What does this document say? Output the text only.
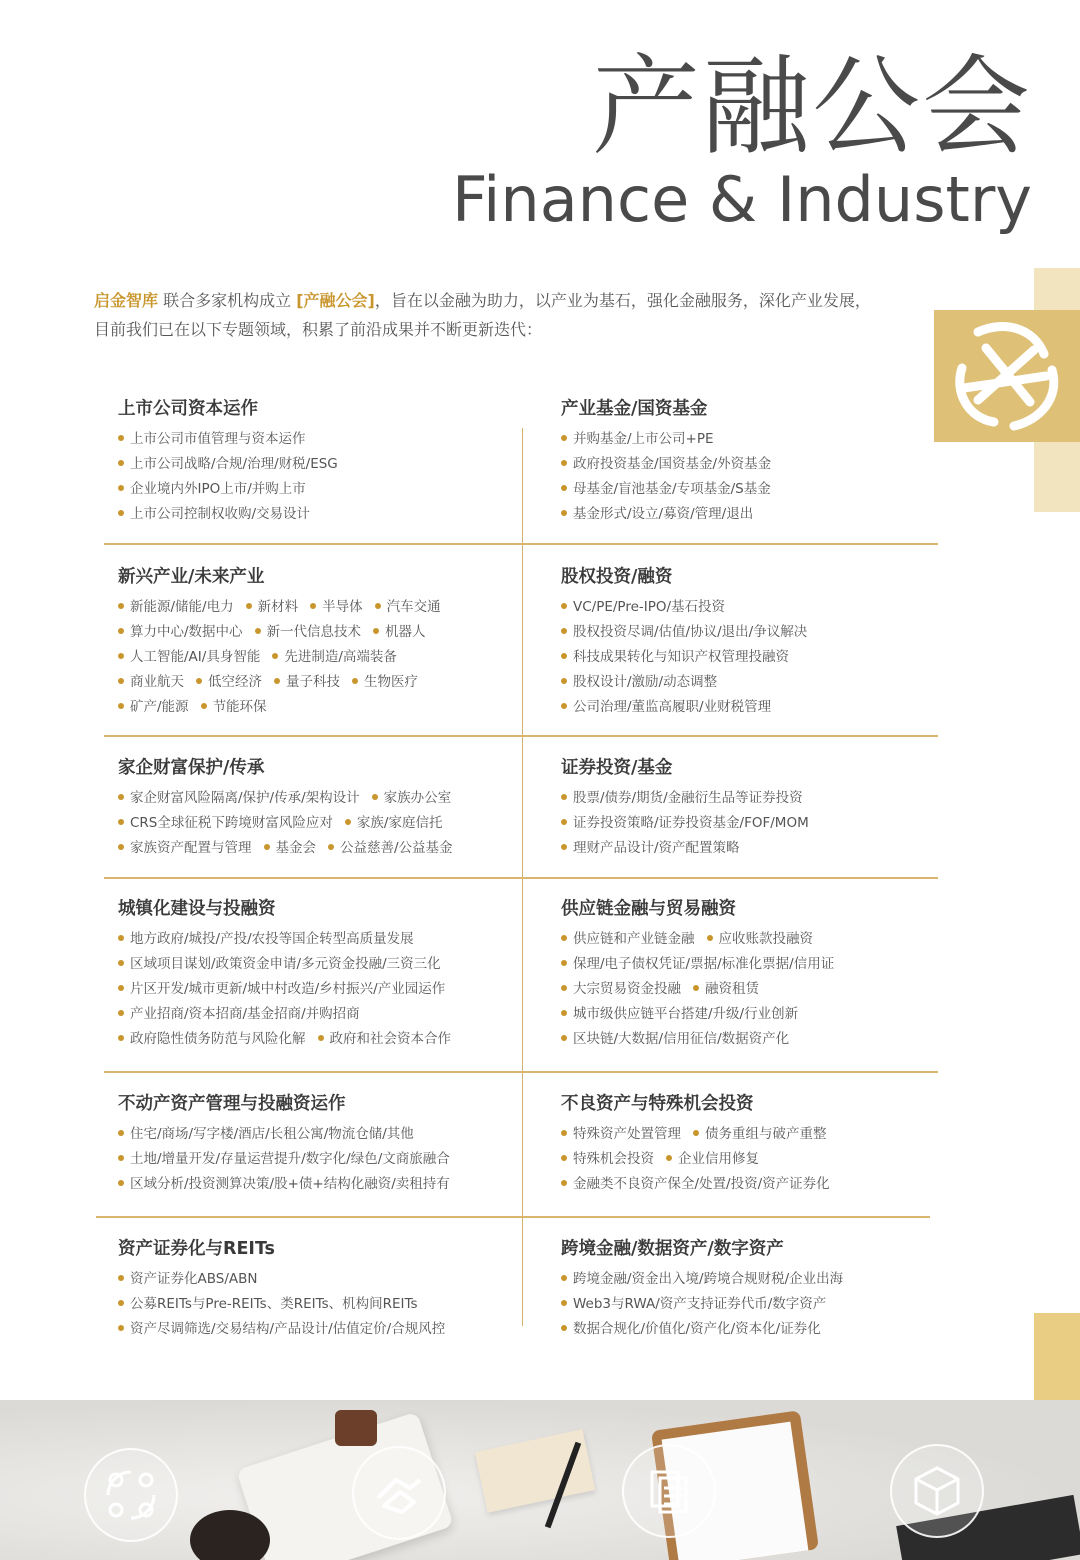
产融公会
Finance & Industry
启金智库 联合多家机构成立 [产融公会]，旨在以金融为助力，以产业为基石，强化金融服务，深化产业发展，
目前我们已在以下专题领域，积累了前沿成果并不断更新迭代：
上市公司资本运作
上市公司市值管理与资本运作
上市公司战略/合规/治理/财税/ESG
企业境内外IPO上市/并购上市
上市公司控制权收购/交易设计
产业基金/国资基金
并购基金/上市公司+PE
政府投资基金/国资基金/外资基金
母基金/盲池基金/专项基金/S基金
基金形式/设立/募资/管理/退出
新兴产业/未来产业
新能源/储能/电力 新材料 半导体 汽车交通
算力中心/数据中心 新一代信息技术 机器人
人工智能/AI/具身智能 先进制造/高端装备
商业航天 低空经济 量子科技 生物医疗
矿产/能源 节能环保
股权投资/融资
VC/PE/Pre-IPO/基石投资
股权投资尽调/估值/协议/退出/争议解决
科技成果转化与知识产权管理投融资
股权设计/激励/动态调整
公司治理/董监高履职/业财税管理
家企财富保护/传承
家企财富风险隔离/保护/传承/架构设计 家族办公室
CRS全球征税下跨境财富风险应对 家族/家庭信托
家族资产配置与管理 基金会 公益慈善/公益基金
证券投资/基金
股票/债券/期货/金融衍生品等证券投资
证券投资策略/证券投资基金/FOF/MOM
理财产品设计/资产配置策略
城镇化建设与投融资
地方政府/城投/产投/农投等国企转型高质量发展
区域项目谋划/政策资金申请/多元资金投融/三资三化
片区开发/城市更新/城中村改造/乡村振兴/产业园运作
产业招商/资本招商/基金招商/并购招商
政府隐性债务防范与风险化解 政府和社会资本合作
供应链金融与贸易融资
供应链和产业链金融 应收账款投融资
保理/电子债权凭证/票据/标准化票据/信用证
大宗贸易资金投融 融资租赁
城市级供应链平台搭建/升级/行业创新
区块链/大数据/信用征信/数据资产化
不动产资产管理与投融资运作
住宅/商场/写字楼/酒店/长租公寓/物流仓储/其他
土地/增量开发/存量运营提升/数字化/绿色/文商旅融合
区域分析/投资测算决策/股+债+结构化融资/卖租持有
不良资产与特殊机会投资
特殊资产处置管理 债务重组与破产重整
特殊机会投资 企业信用修复
金融类不良资产保全/处置/投资/资产证券化
资产证券化与REITs
资产证券化ABS/ABN
公募REITs与Pre-REITs、类REITs、机构间REITs
资产尽调筛选/交易结构/产品设计/估值定价/合规风控
跨境金融/数据资产/数字资产
跨境金融/资金出入境/跨境合规财税/企业出海
Web3与RWA/资产支持证券代币/数字资产
数据合规化/价值化/资产化/资本化/证券化
